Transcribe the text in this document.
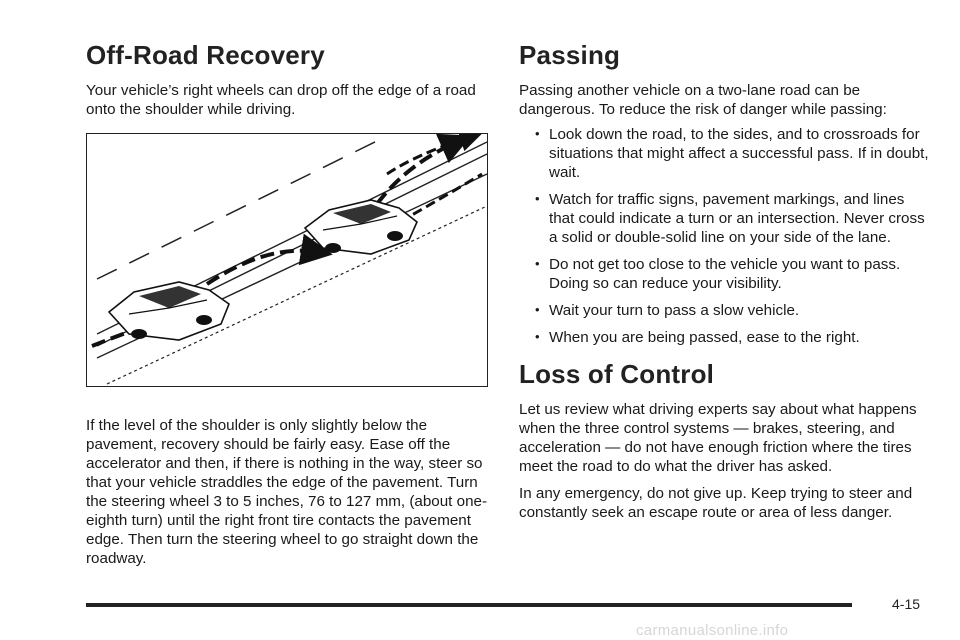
Off-Road Recovery

Your vehicle’s right wheels can drop off the edge of a road onto the shoulder while driving.

If the level of the shoulder is only slightly below the pavement, recovery should be fairly easy. Ease off the accelerator and then, if there is nothing in the way, steer so that your vehicle straddles the edge of the pavement. Turn the steering wheel 3 to 5 inches, 76 to 127 mm, (about one-eighth turn) until the right front tire contacts the pavement edge. Then turn the steering wheel to go straight down the roadway.

Passing

Passing another vehicle on a two-lane road can be dangerous. To reduce the risk of danger while passing:

• Look down the road, to the sides, and to crossroads for situations that might affect a successful pass. If in doubt, wait.
• Watch for traffic signs, pavement markings, and lines that could indicate a turn or an intersection. Never cross a solid or double-solid line on your side of the lane.
• Do not get too close to the vehicle you want to pass. Doing so can reduce your visibility.
• Wait your turn to pass a slow vehicle.
• When you are being passed, ease to the right.
Loss of Control

Let us review what driving experts say about what happens when the three control systems — brakes, steering, and acceleration — do not have enough friction where the tires meet the road to do what the driver has asked.

In any emergency, do not give up. Keep trying to steer and constantly seek an escape route or area of less danger.

4-15
carmanualsonline.info
